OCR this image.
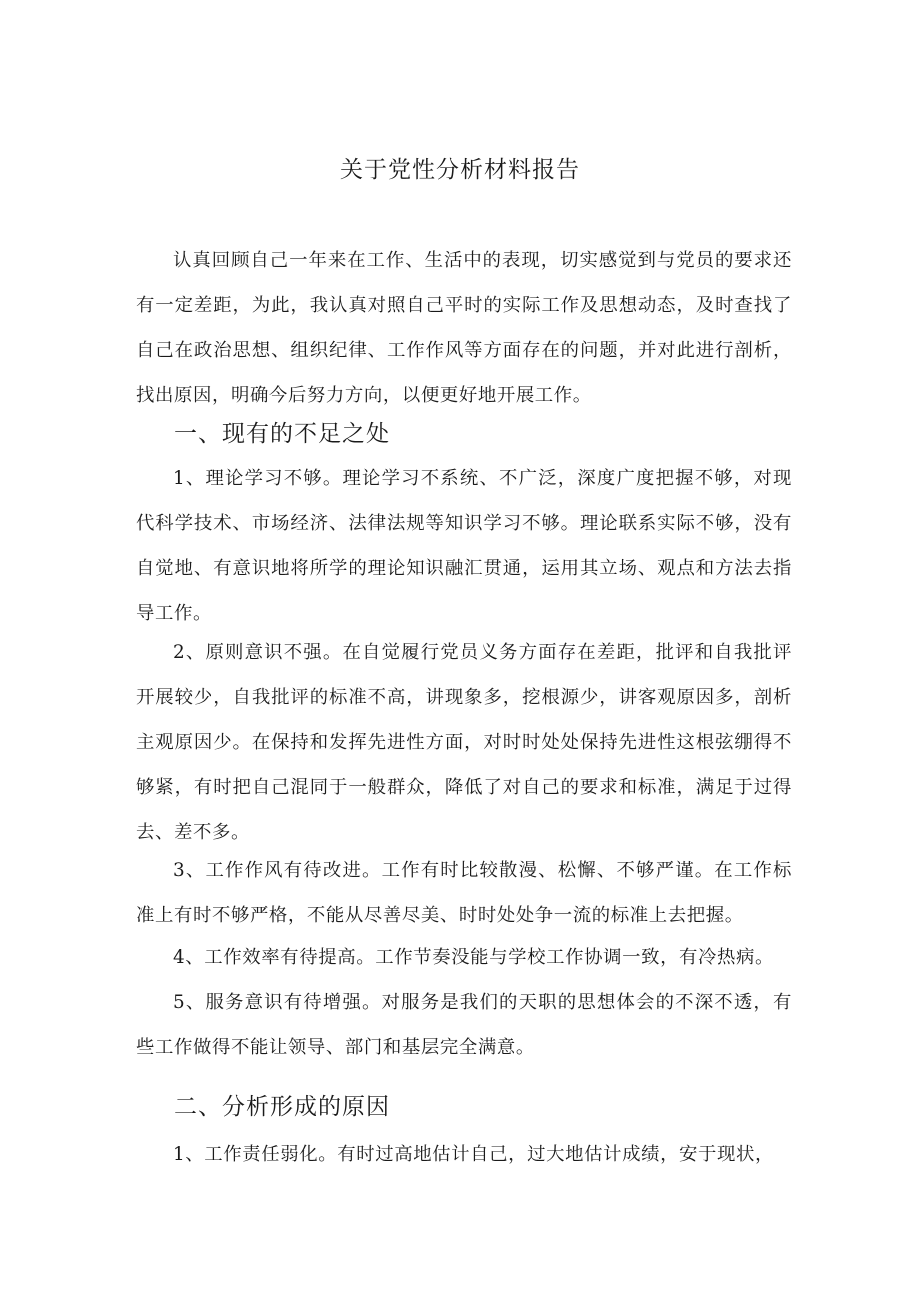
关于党性分析材料报告

认真回顾自己一年来在工作、生活中的表现，切实感觉到与党员的要求还有一定差距，为此，我认真对照自己平时的实际工作及思想动态，及时查找了自己在政治思想、组织纪律、工作作风等方面存在的问题，并对此进行剖析，找出原因，明确今后努力方向，以便更好地开展工作。

一、现有的不足之处

1、理论学习不够。理论学习不系统、不广泛，深度广度把握不够，对现代科学技术、市场经济、法律法规等知识学习不够。理论联系实际不够，没有自觉地、有意识地将所学的理论知识融汇贯通，运用其立场、观点和方法去指导工作。

2、原则意识不强。在自觉履行党员义务方面存在差距，批评和自我批评开展较少，自我批评的标准不高，讲现象多，挖根源少，讲客观原因多，剖析主观原因少。在保持和发挥先进性方面，对时时处处保持先进性这根弦绷得不够紧，有时把自己混同于一般群众，降低了对自己的要求和标准，满足于过得去、差不多。

3、工作作风有待改进。工作有时比较散漫、松懈、不够严谨。在工作标准上有时不够严格，不能从尽善尽美、时时处处争一流的标准上去把握。

4、工作效率有待提高。工作节奏没能与学校工作协调一致，有冷热病。

5、服务意识有待增强。对服务是我们的天职的思想体会的不深不透，有些工作做得不能让领导、部门和基层完全满意。

二、分析形成的原因

1、工作责任弱化。有时过高地估计自己，过大地估计成绩，安于现状，
